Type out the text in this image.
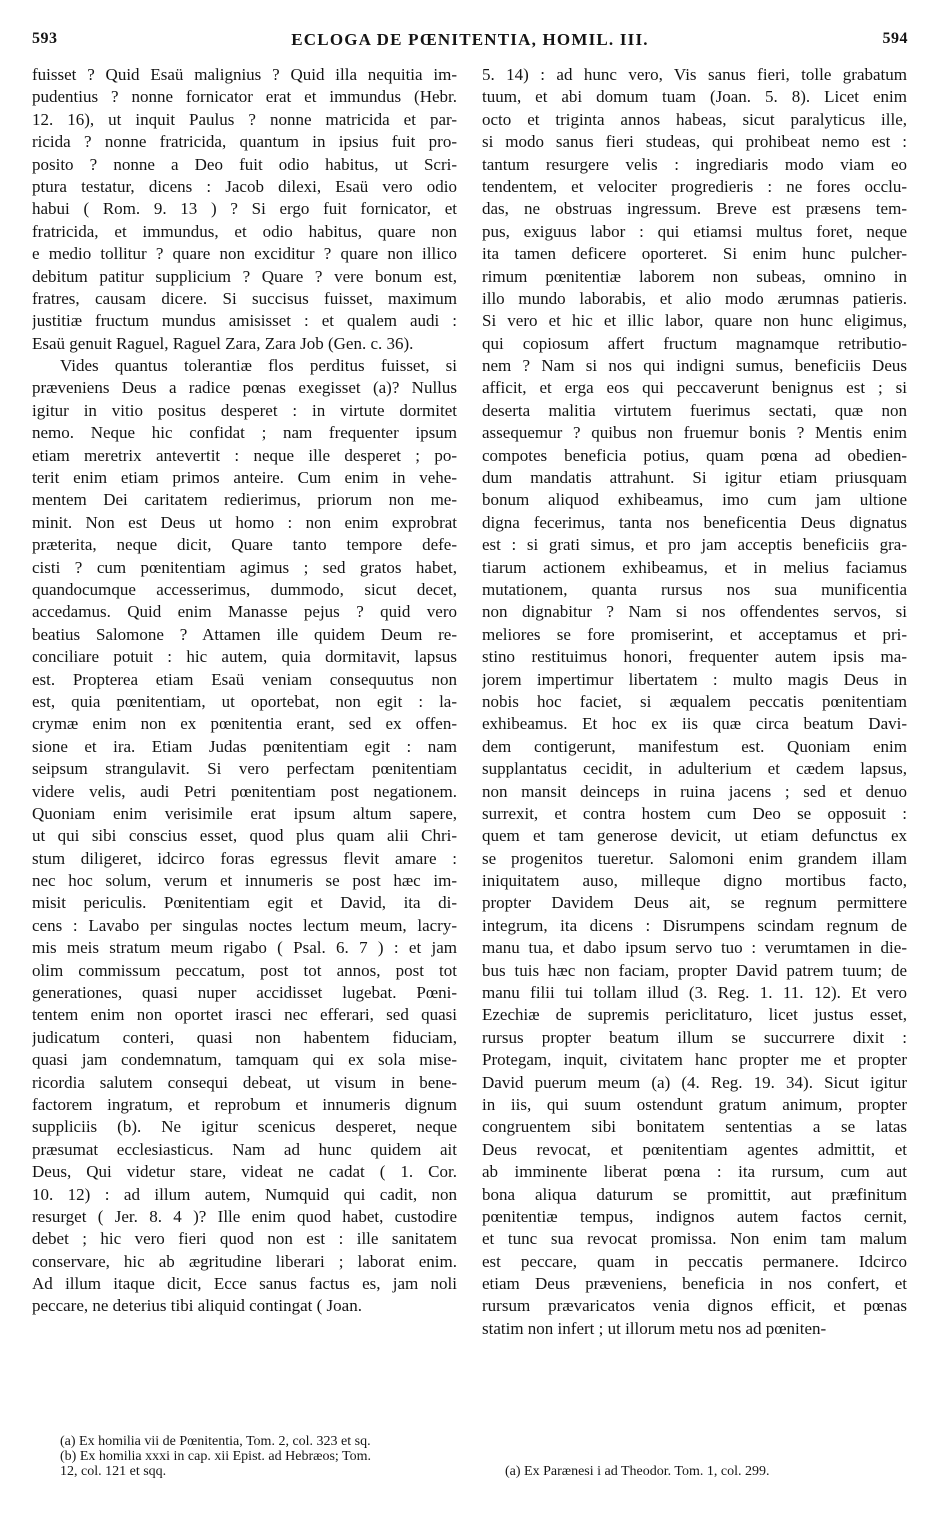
593	ECLOGA DE PŒNITENTIA, HOMIL. III.	594
fuisset ? Quid Esaü malignius ? Quid illa nequitia im-
pudentius ? nonne fornicator erat et immundus (Hebr.
12. 16), ut inquit Paulus ? nonne matricida et par-
ricida ? nonne fratricida, quantum in ipsius fuit pro-
posito ? nonne a Deo fuit odio habitus, ut Scri-
ptura testatur, dicens : Jacob dilexi, Esaü vero odio
habui ( Rom. 9. 13 ) ? Si ergo fuit fornicator, et
fratricida, et immundus, et odio habitus, quare non
e medio tollitur ? quare non exciditur ? quare non illico
debitum patitur supplicium ? Quare ? vere bonum est,
fratres, causam dicere. Si succisus fuisset, maximum
justitiæ fructum mundus amisisset : et qualem audi :
Esaü genuit Raguel, Raguel Zara, Zara Job (Gen. c. 36).
Vides quantus tolerantiæ flos perditus fuisset, si
præveniens Deus a radice pœnas exegisset (a)? Nullus
igitur in vitio positus desperet : in virtute dormitet
nemo. Neque hic confidat ; nam frequenter ipsum
etiam meretrix antevertit : neque ille desperet ; po-
terit enim etiam primos anteire. Cum enim in vehe-
mentem Dei caritatem redierimus, priorum non me-
minit. Non est Deus ut homo : non enim exprobrat
præterita, neque dicit, Quare tanto tempore defe-
cisti ? cum pœnitentiam agimus ; sed gratos habet,
quandocumque accesserimus, dummodo, sicut decet,
accedamus. Quid enim Manasse pejus ? quid vero
beatius Salomone ? Attamen ille quidem Deum re-
conciliare potuit : hic autem, quia dormitavit, lapsus
est. Propterea etiam Esaü veniam consequutus non
est, quia pœnitentiam, ut oportebat, non egit : la-
crymæ enim non ex pœnitentia erant, sed ex offen-
sione et ira. Etiam Judas pœnitentiam egit : nam
seipsum strangulavit. Si vero perfectam pœnitentiam
videre velis, audi Petri pœnitentiam post negationem.
Quoniam enim verisimile erat ipsum altum sapere,
ut qui sibi conscius esset, quod plus quam alii Chri-
stum diligeret, idcirco foras egressus flevit amare :
nec hoc solum, verum et innumeris se post hæc im-
misit periculis. Pœnitentiam egit et David, ita di-
cens : Lavabo per singulas noctes lectum meum, lacry-
mis meis stratum meum rigabo ( Psal. 6. 7 ) : et jam
olim commissum peccatum, post tot annos, post tot
generationes, quasi nuper accidisset lugebat. Pœni-
tentem enim non oportet irasci nec efferari, sed quasi
judicatum conteri, quasi non habentem fiduciam,
quasi jam condemnatum, tamquam qui ex sola mise-
ricordia salutem consequi debeat, ut visum in bene-
factorem ingratum, et reprobum et innumeris dignum
suppliciis (b). Ne igitur scenicus desperet, neque
præsumat ecclesiasticus. Nam ad hunc quidem ait
Deus, Qui videtur stare, videat ne cadat ( 1. Cor.
10. 12) : ad illum autem, Numquid qui cadit, non
resurget ( Jer. 8. 4 )? Ille enim quod habet, custodire
debet ; hic vero fieri quod non est : ille sanitatem
conservare, hic ab ægritudine liberari ; laborat enim.
Ad illum itaque dicit, Ecce sanus factus es, jam noli
peccare, ne deterius tibi aliquid contingat ( Joan.
5. 14) : ad hunc vero, Vis sanus fieri, tolle grabatum
tuum, et abi domum tuam (Joan. 5. 8). Licet enim
octo et triginta annos habeas, sicut paralyticus ille,
si modo sanus fieri studeas, qui prohibeat nemo est :
tantum resurgere velis : ingrediaris modo viam eo
tendentem, et velociter progredieris : ne fores occlu-
das, ne obstruas ingressum. Breve est præsens tem-
pus, exiguus labor : qui etiamsi multus foret, neque
ita tamen deficere oporteret. Si enim hunc pulcher-
rimum pœnitentiæ laborem non subeas, omnino in
illo mundo laborabis, et alio modo ærumnas patieris.
Si vero et hic et illic labor, quare non hunc eligimus,
qui copiosum affert fructum magnamque retributio-
nem ? Nam si nos qui indigni sumus, beneficiis Deus
afficit, et erga eos qui peccaverunt benignus est ; si
deserta malitia virtutem fuerimus sectati, quæ non
assequemur ? quibus non fruemur bonis ? Mentis enim
compotes beneficia potius, quam pœna ad obedien-
dum mandatis attrahunt. Si igitur etiam priusquam
bonum aliquod exhibeamus, imo cum jam ultione
digna fecerimus, tanta nos beneficentia Deus dignatus
est : si grati simus, et pro jam acceptis beneficiis gra-
tiarum actionem exhibeamus, et in melius faciamus
mutationem, quanta rursus nos sua munificentia
non dignabitur ? Nam si nos offendentes servos, si
meliores se fore promiserint, et acceptamus et pri-
stino restituimus honori, frequenter autem ipsis ma-
jorem impertimur libertatem : multo magis Deus in
nobis hoc faciet, si æqualem peccatis pœnitentiam
exhibeamus. Et hoc ex iis quæ circa beatum Davi-
dem contigerunt, manifestum est. Quoniam enim
supplantatus cecidit, in adulterium et cædem lapsus,
non mansit deinceps in ruina jacens ; sed et denuo
surrexit, et contra hostem cum Deo se opposuit :
quem et tam generose devicit, ut etiam defunctus ex
se progenitos tueretur. Salomoni enim grandem illam
iniquitatem auso, milleque digno mortibus facto,
propter Davidem Deus ait, se regnum permittere
integrum, ita dicens : Disrumpens scindam regnum de
manu tua, et dabo ipsum servo tuo : verumtamen in die-
bus tuis hæc non faciam, propter David patrem tuum; de
manu filii tui tollam illud (3. Reg. 1. 11. 12). Et vero
Ezechiæ de supremis periclitaturo, licet justus esset,
rursus propter beatum illum se succurrere dixit :
Protegam, inquit, civitatem hanc propter me et propter
David puerum meum (a) (4. Reg. 19. 34). Sicut igitur
in iis, qui suum ostendunt gratum animum, propter
congruentem sibi bonitatem sententias a se latas
Deus revocat, et pœnitentiam agentes admittit, et
ab imminente liberat pœna : ita rursum, cum aut
bona aliqua daturum se promittit, aut præfinitum
pœnitentiæ tempus, indignos autem factos cernit,
et tunc sua revocat promissa. Non enim tam malum
est peccare, quam in peccatis permanere. Idcirco
etiam Deus præveniens, beneficia in nos confert, et
rursum prævaricatos venia dignos efficit, et pœnas
statim non infert ; ut illorum metu nos ad pœniten-
(a) Ex homilia vii de Pœnitentia, Tom. 2, col. 323 et sq.
(b) Ex homilia xxxi in cap. xii Epist. ad Hebræos; Tom.
12, col. 121 et sqq.	(a) Ex Parænesi i ad Theodor. Tom. 1, col. 299.
